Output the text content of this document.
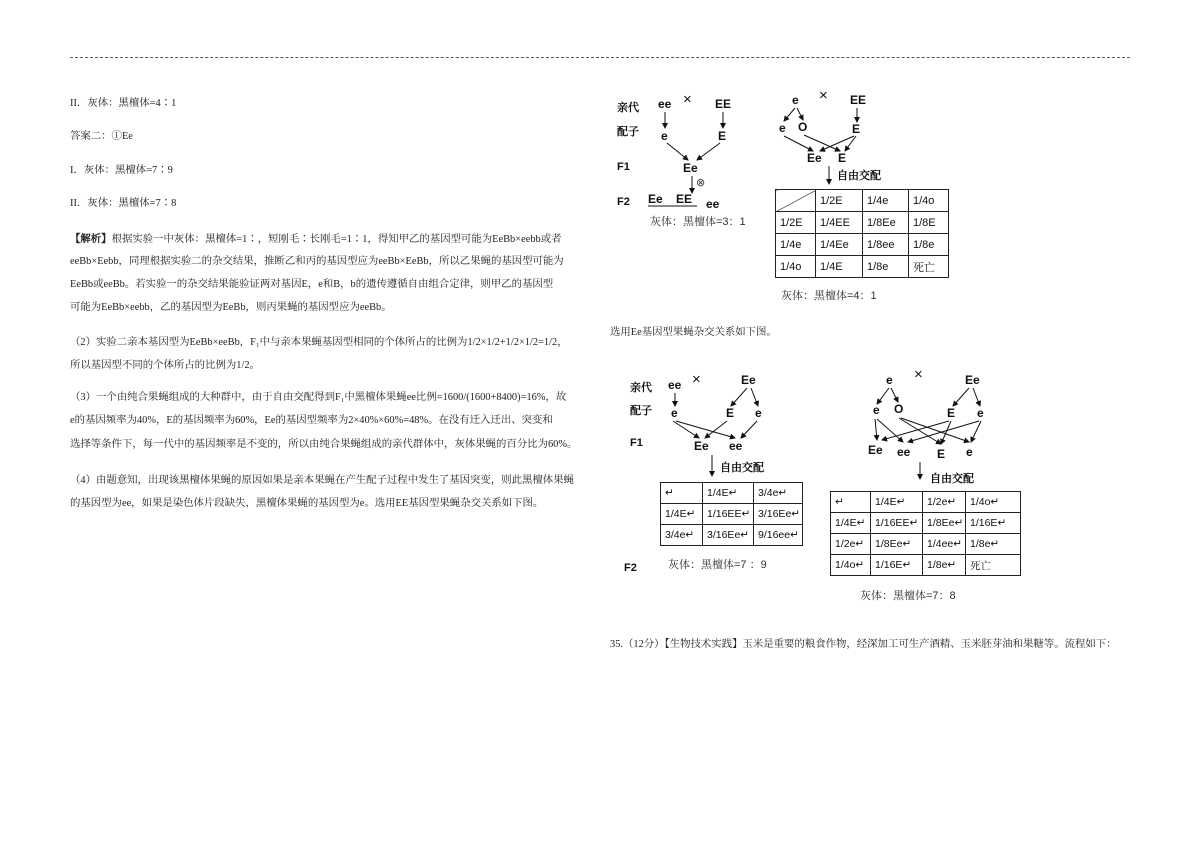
II．灰体：黑檀体=4∶1
答案二：①Ee
I．灰体：黑檀体=7∶9
II．灰体：黑檀体=7∶8
【解析】根据实验一中灰体：黑檀体=1∶，短刚毛∶长刚毛=1∶1，得知甲乙的基因型可能为EeBb×eebb或者
eeBb×Eebb，同理根据实验二的杂交结果，推断乙和丙的基因型应为eeBb×EeBb，所以乙果蝇的基因型可能为
EeBb或eeBb。若实验一的杂交结果能验证两对基因E，e和B，b的遗传遵循自由组合定律，则甲乙的基因型
可能为EeBb×eebb，乙的基因型为EeBb，则丙果蝇的基因型应为eeBb。
（2）实验二亲本基因型为EeBb×eeBb，F₁中与亲本果蝇基因型相同的个体所占的比例为1/2×1/2+1/2×1/2=1/2，
所以基因型不同的个体所占的比例为1/2。
（3）一个由纯合果蝇组成的大种群中，由于自由交配得到F₁中黑檀体果蝇ee比例=1600/(1600+8400)=16%，故
e的基因频率为40%，E的基因频率为60%，Ee的基因型频率为2×40%×60%=48%。在没有迁入迁出、突变和
选择等条件下，每一代中的基因频率是不变的，所以由纯合果蝇组成的亲代群体中，灰体果蝇的百分比为60%。
（4）由题意知，出现该黑檀体果蝇的原因如果是亲本果蝇在产生配子过程中发生了基因突变，则此黑檀体果蝇
的基因型为ee，如果是染色体片段缺失，黑檀体果蝇的基因型为e。选用EE基因型果蝇杂交关系如下图。
选用Ee基因型果蝇杂交关系如下图。
35.（12分）【生物技术实践】玉米是重要的粮食作物，经深加工可生产酒精、玉米胚芽油和果糖等。流程如下：
亲代
配子
F1
F2
ee × EE
e	E
Ee
⊗
Ee EE ee
灰体：黑檀体=3：1
e × EE
e O	E
Ee E
自由交配
灰体：黑檀体=4：1
亲代
配子
F1
F2
ee ×	Ee
e	E e
Ee ee
自由交配
灰体：黑檀体=7 ：9
e ×	Ee
e O	E e
Ee ee E e
自由交配
灰体：黑檀体=7：8
	1/2E	1/4e	1/4o
1/2E	1/4EE	1/8Ee	1/8E
1/4e	1/4Ee	1/8ee	1/8e
1/4o	1/4E	1/8e	死亡
↵	1/4E↵	3/4e↵
1/4E↵	1/16EE↵	3/16Ee↵
3/4e↵	3/16Ee↵	9/16ee↵
↵	1/4E↵	1/2e↵	1/4o↵
1/4E↵	1/16EE↵	1/8Ee↵	1/16E↵
1/2e↵	1/8Ee↵	1/4ee↵	1/8e↵
1/4o↵	1/16E↵	1/8e↵	死亡
